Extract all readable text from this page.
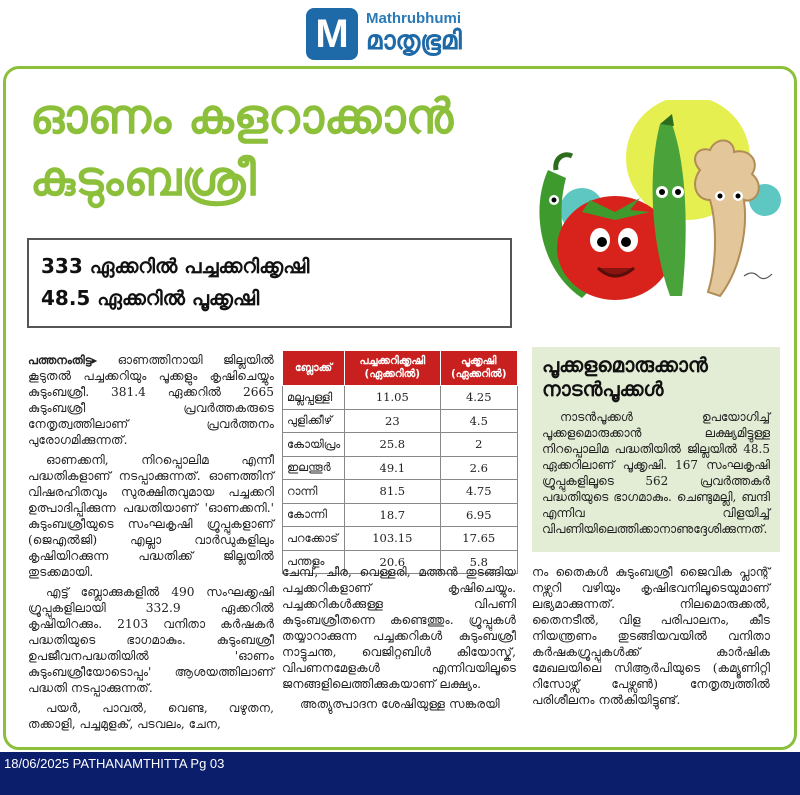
M Mathrubhumi
മാതൃഭൂമി
ഓണം കളറാക്കാൻ
കുടുംബശ്രീ
333 ഏക്കറിൽ പച്ചക്കറിക്കൃഷി
48.5 ഏക്കറിൽ പൂക്കൃഷി

പത്തനംതിട്ട▸ ഓണത്തിനായി ജില്ലയിൽ കൂടുതൽ പച്ചക്കറിയും പൂക്കളും കൃഷിചെയ്യും കുടുംബശ്രീ. 381.4 ഏക്കറിൽ 2665 കുടുംബശ്രീ പ്രവർത്തകരുടെ നേതൃത്വത്തിലാണ് പ്രവർത്തനം പുരോഗമിക്കുന്നത്.

ഓണക്കനി, നിറപ്പൊലിമ എന്നീ പദ്ധതികളാണ് നടപ്പാക്കുന്നത്. ഓണത്തിന് വിഷരഹിതവും സുരക്ഷിതവുമായ പച്ചക്കറി ഉത്പാദിപ്പിക്കുന്ന പദ്ധതിയാണ് 'ഓണക്കനി.' കുടുംബശ്രീയുടെ സംഘകൃഷി ഗ്രൂപ്പുകളാണ് (ജെഎൽജി) എല്ലാ വാർഡുകളിലും കൃഷിയിറക്കുന്ന പദ്ധതിക്ക് ജില്ലയിൽ തുടക്കമായി.

എട്ട് ബ്ലോക്കുകളിൽ 490 സംഘക്കൃഷി ഗ്രൂപ്പുകളിലായി 332.9 ഏക്കറിൽ കൃഷിയിറക്കും. 2103 വനിതാ കർഷകർ പദ്ധതിയുടെ ഭാഗമാകും. കുടുംബശ്രീ ഉപജീവനപദ്ധതിയിൽ 'ഓണം കുടുംബശ്രീയോടൊപ്പം' ആശയത്തിലാണ് പദ്ധതി നടപ്പാക്കുന്നത്.

പയർ, പാവൽ, വെണ്ട, വഴുതന, തക്കാളി, പച്ചമുളക്, പടവലം, ചേന,

ബ്ലോക്ക്	പച്ചക്കറിക്കൃഷി (ഏക്കറിൽ)	പൂക്കൃഷി (ഏക്കറിൽ)
മല്ലപ്പള്ളി	11.05	4.25
പുളിക്കീഴ്	23	4.5
കോയിപ്രം	25.8	2
ഇലന്തൂർ	49.1	2.6
റാന്നി	81.5	4.75
കോന്നി	18.7	6.95
പറക്കോട്	103.15	17.65
പന്തളം	20.6	5.8
പൂക്കളമൊരുക്കാൻ നാടൻപൂക്കൾ

നാടൻപൂക്കൾ ഉപയോഗിച്ച് പൂക്കളമൊരുക്കാൻ ലക്ഷ്യമിട്ടുള്ള നിറപ്പൊലിമ പദ്ധതിയിൽ ജില്ലയിൽ 48.5 ഏക്കറിലാണ് പൂക്കൃഷി. 167 സംഘകൃഷി ഗ്രൂപ്പുകളിലൂടെ 562 പ്രവർത്തകർ പദ്ധതിയുടെ ഭാഗമാകും. ചെണ്ടുമല്ലി, ബന്ദി എന്നിവ വിളയിച്ച് വിപണിയിലെത്തിക്കാനാണുദ്ദേശിക്കുന്നത്.

ചേമ്പ്, ചീര, വെള്ളരി, മത്തൻ തുടങ്ങിയ പച്ചക്കറികളാണ് കൃഷിചെയ്യും. പച്ചക്കറികൾക്കുള്ള വിപണി കുടുംബശ്രീതന്നെ കണ്ടെത്തും. ഗ്രൂപ്പുകൾ തയ്യാറാക്കുന്ന പച്ചക്കറികൾ കുടുംബശ്രീ നാട്ടുചന്ത, വെജിറ്റബിൾ കിയോസ്ക്, വിപണനമേളകൾ എന്നിവയിലൂടെ ജനങ്ങളിലെത്തിക്കുകയാണ് ലക്ഷ്യം.

അത്യുത്പാദന ശേഷിയുള്ള സങ്കരയി

നം തൈകൾ കുടുംബശ്രീ ജൈവിക പ്ലാന്റ് നഴ്സറി വഴിയും കൃഷിഭവനിലൂടെയുമാണ് ലഭ്യമാക്കുന്നത്. നിലമൊരുക്കൽ, തൈനടീൽ, വിള പരിപാലനം, കീട നിയന്ത്രണം തുടങ്ങിയവയിൽ വനിതാ കർഷകഗ്രൂപ്പുകൾക്ക് കാർഷിക മേഖലയിലെ സിആർപിയുടെ (കമ്യൂണിറ്റി റിസോഴ്സ് പേഴ്സൺ) നേതൃത്വത്തിൽ പരിശീലനം നൽകിയിട്ടുണ്ട്.

18/06/2025 PATHANAMTHITTA Pg 03
